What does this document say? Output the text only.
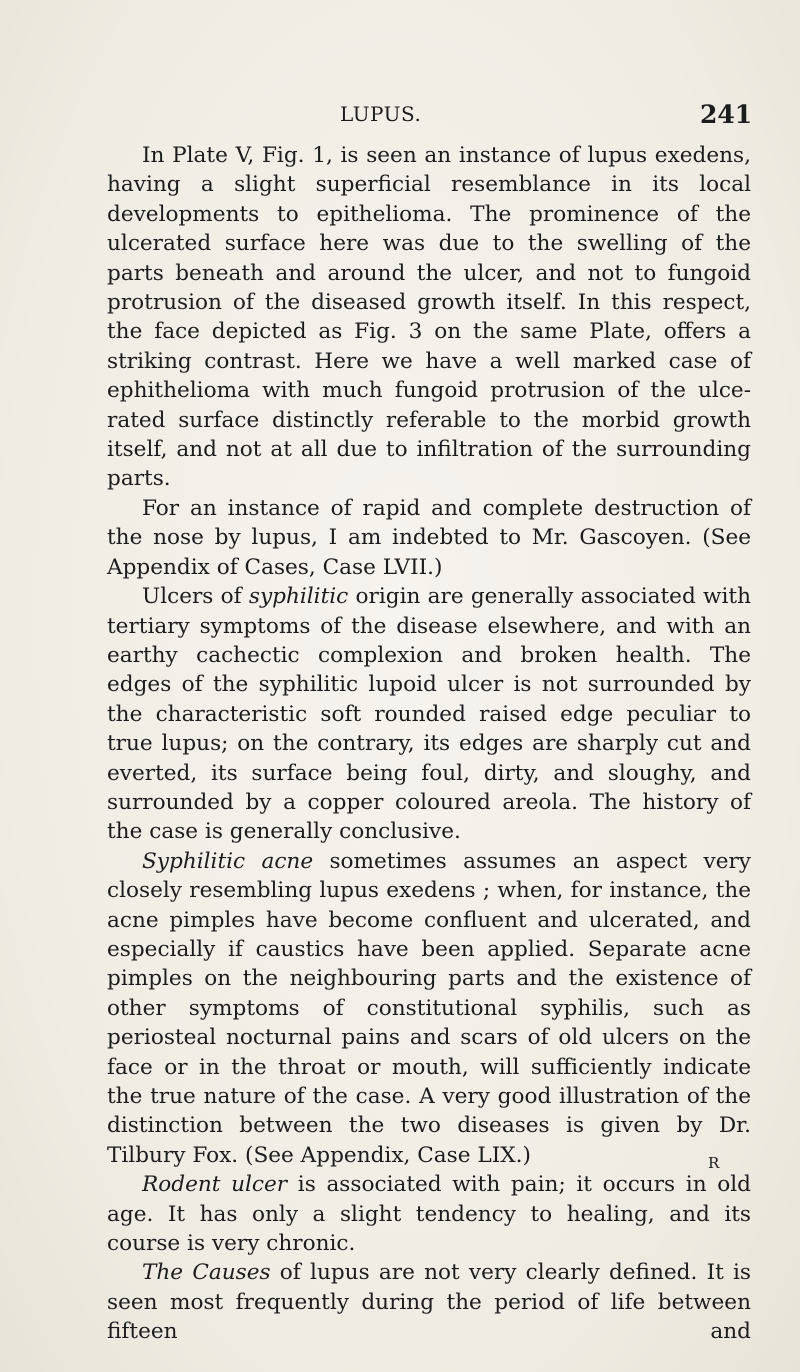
LUPUS.	241

In Plate V, Fig. 1, is seen an instance of lupus exedens, having a slight superficial resemblance in its local developments to epithelioma. The prominence of the ulcerated surface here was due to the swelling of the parts beneath and around the ulcer, and not to fungoid protrusion of the diseased growth itself. In this respect, the face depicted as Fig. 3 on the same Plate, offers a striking contrast. Here we have a well marked case of ephithelioma with much fungoid protrusion of the ulcerated surface distinctly referable to the morbid growth itself, and not at all due to infiltration of the surrounding parts.

For an instance of rapid and complete destruction of the nose by lupus, I am indebted to Mr. Gascoyen. (See Appendix of Cases, Case LVII.)

Ulcers of syphilitic origin are generally associated with tertiary symptoms of the disease elsewhere, and with an earthy cachectic complexion and broken health. The edges of the syphilitic lupoid ulcer is not surrounded by the characteristic soft rounded raised edge peculiar to true lupus; on the contrary, its edges are sharply cut and everted, its surface being foul, dirty, and sloughy, and surrounded by a copper coloured areola. The history of the case is generally conclusive.

Syphilitic acne sometimes assumes an aspect very closely resembling lupus exedens ; when, for instance, the acne pimples have become confluent and ulcerated, and especially if caustics have been applied. Separate acne pimples on the neighbouring parts and the existence of other symptoms of constitutional syphilis, such as periosteal nocturnal pains and scars of old ulcers on the face or in the throat or mouth, will sufficiently indicate the true nature of the case. A very good illustration of the distinction between the two diseases is given by Dr. Tilbury Fox. (See Appendix, Case LIX.)

Rodent ulcer is associated with pain; it occurs in old age. It has only a slight tendency to healing, and its course is very chronic.

The Causes of lupus are not very clearly defined. It is seen most frequently during the period of life between fifteen and

R
